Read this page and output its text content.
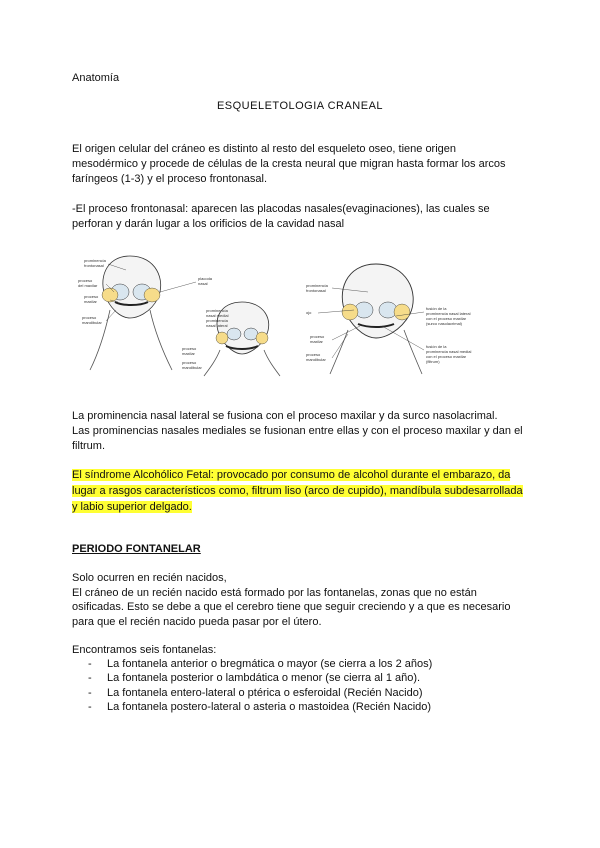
Anatomía

ESQUELETOLOGIA CRANEAL

El origen celular del cráneo es distinto al resto del esqueleto oseo, tiene origen

mesodérmico y procede de células de la cresta neural que migran hasta formar los arcos

faríngeos (1-3) y el proceso frontonasal.

-El proceso frontonasal: aparecen las placodas nasales(evaginaciones), las cuales se

perforan y darán lugar a los orificios de la cavidad nasal

prominencia
frontonasal
proceso
del maxilar
proceso
maxilar
proceso
mandibular
placoda
nasal
prominencia
nasal medial
prominencia
nasal lateral
proceso
maxilar
proceso
mandibular
prominencia
frontonasal
ojo
proceso
maxilar
proceso
mandibular
fusión de la
prominencia nasal lateral
con el proceso maxilar
(surco nasolacrimal)
fusión de la
prominencia nasal medial
con el proceso maxilar
(filtrum)

La prominencia nasal lateral se fusiona con el proceso maxilar y da surco nasolacrimal.

Las prominencias nasales mediales se fusionan entre ellas y con el proceso maxilar y dan el

filtrum.

El síndrome Alcohólico Fetal: provocado por consumo de alcohol durante el embarazo, da

lugar a rasgos característicos como, filtrum liso (arco de cupido), mandíbula subdesarrollada

y labio superior delgado.

PERIODO FONTANELAR

Solo ocurren en recién nacidos,

El cráneo de un recién nacido está formado por las fontanelas, zonas que no están

osificadas. Esto se debe a que el cerebro tiene que seguir creciendo y a que es necesario

para que el recién nacido pueda pasar por el útero.

Encontramos seis fontanelas:

- La fontanela anterior o bregmática o mayor (se cierra a los 2 años)
- La fontanela posterior o lambdática o menor (se cierra al 1 año).
- La fontanela entero-lateral o ptérica o esferoidal (Recién Nacido)
- La fontanela postero-lateral o asteria o mastoidea (Recién Nacido)
